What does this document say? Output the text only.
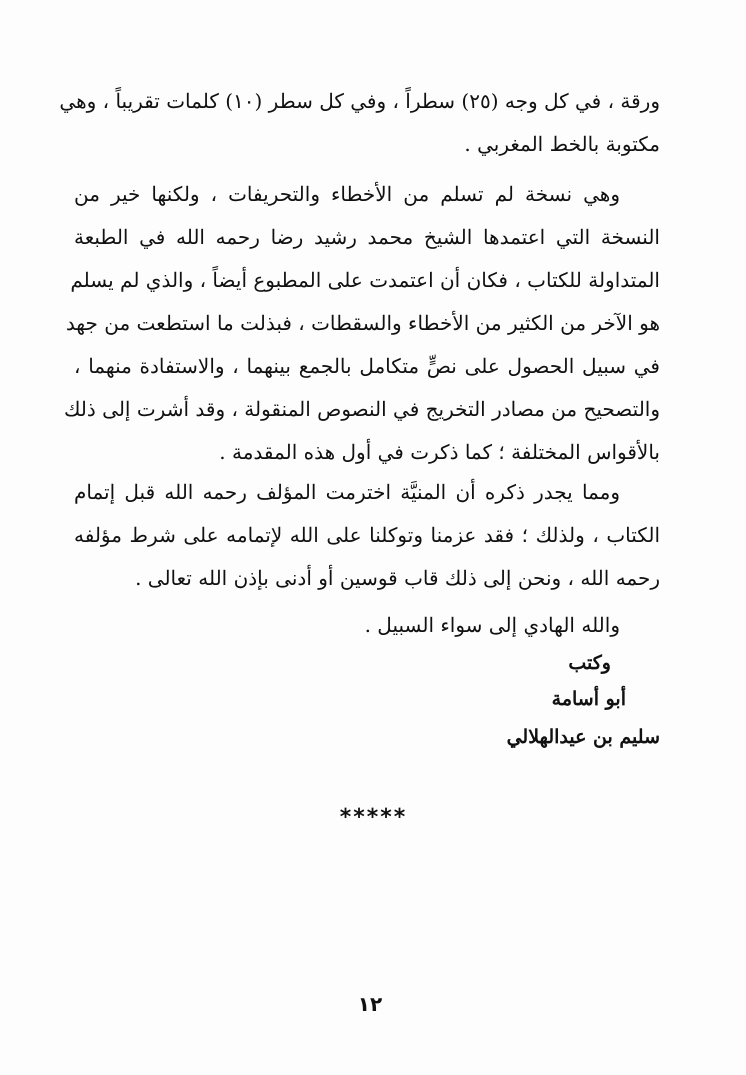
ورقة ، في كل وجه (٢٥) سطراً ، وفي كل سطر (١٠) كلمات تقريباً ، وهي
مكتوبة بالخط المغربي .
وهي نسخة لم تسلم من الأخطاء والتحريفات ، ولكنها خير من
النسخة التي اعتمدها الشيخ محمد رشيد رضا رحمه الله في الطبعة
المتداولة للكتاب ، فكان أن اعتمدت على المطبوع أيضاً ، والذي لم يسلم
هو الآخر من الكثير من الأخطاء والسقطات ، فبذلت ما استطعت من جهد
في سبيل الحصول على نصٍّ متكامل بالجمع بينهما ، والاستفادة منهما ،
والتصحيح من مصادر التخريج في النصوص المنقولة ، وقد أشرت إلى ذلك
بالأقواس المختلفة ؛ كما ذكرت في أول هذه المقدمة .
ومما يجدر ذكره أن المنيَّة اخترمت المؤلف رحمه الله قبل إتمام
الكتاب ، ولذلك ؛ فقد عزمنا وتوكلنا على الله لإتمامه على شرط مؤلفه
رحمه الله ، ونحن إلى ذلك قاب قوسين أو أدنى بإذن الله تعالى .
والله الهادي إلى سواء السبيل .
وكتب
أبو أسامة
سليم بن عيدالهلالي
*****
١٢
